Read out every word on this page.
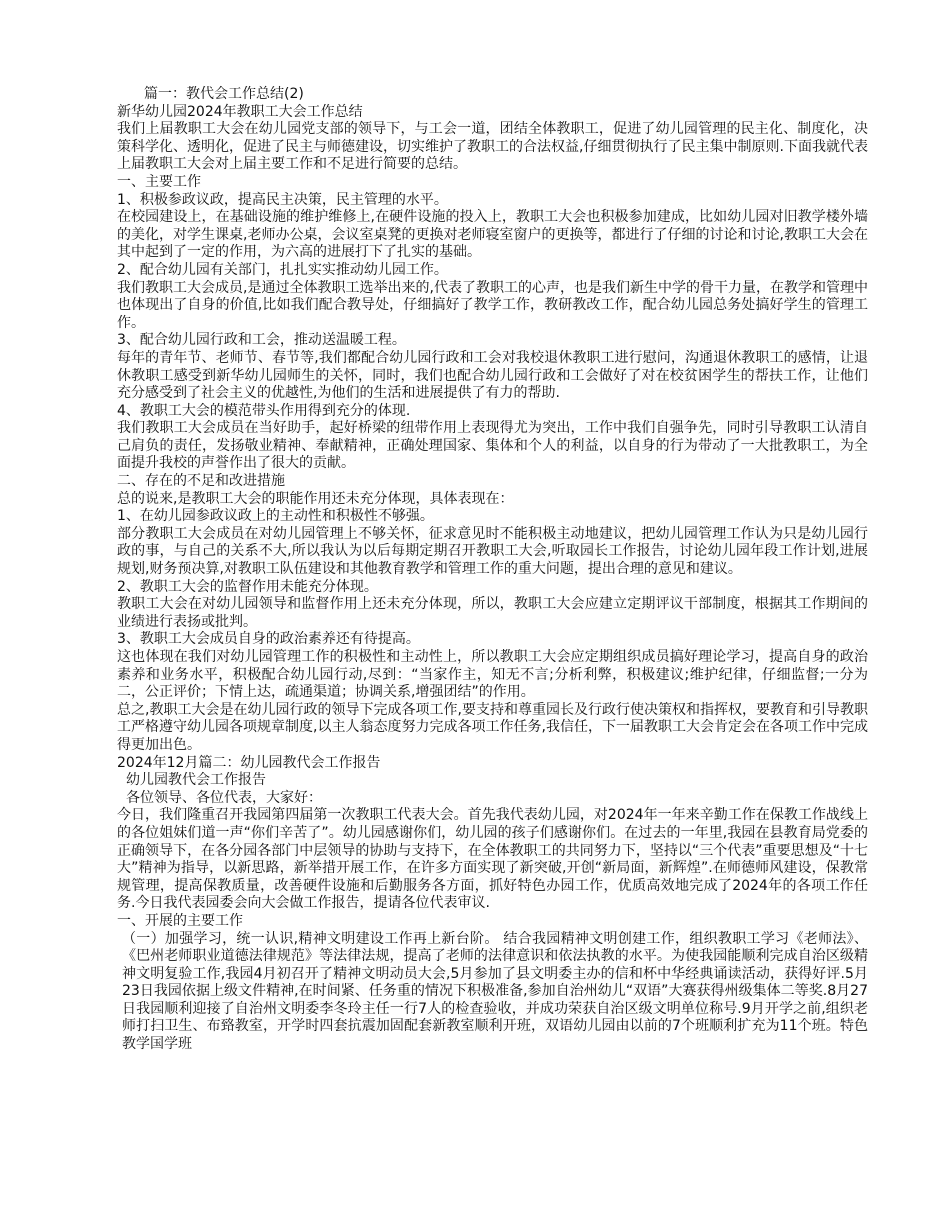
篇一：教代会工作总结(2)

新华幼儿园2024年教职工大会工作总结

我们上届教职工大会在幼儿园党支部的领导下，与工会一道，团结全体教职工，促进了幼儿园管理的民主化、制度化，决策科学化、透明化，促进了民主与师德建设，切实维护了教职工的合法权益,仔细贯彻执行了民主集中制原则.下面我就代表上届教职工大会对上届主要工作和不足进行简要的总结。

一、主要工作

1、积极参政议政，提高民主决策，民主管理的水平。

在校园建设上，在基础设施的维护维修上,在硬件设施的投入上，教职工大会也积极参加建成，比如幼儿园对旧教学楼外墙的美化，对学生课桌,老师办公桌，会议室桌凳的更换对老师寝室窗户的更换等，都进行了仔细的讨论和讨论,教职工大会在其中起到了一定的作用，为六高的进展打下了扎实的基础。

2、配合幼儿园有关部门，扎扎实实推动幼儿园工作。

我们教职工大会成员,是通过全体教职工选举出来的,代表了教职工的心声，也是我们新生中学的骨干力量，在教学和管理中也体现出了自身的价值,比如我们配合教导处，仔细搞好了教学工作，教研教改工作，配合幼儿园总务处搞好学生的管理工作。

3、配合幼儿园行政和工会，推动送温暖工程。

每年的青年节、老师节、春节等,我们都配合幼儿园行政和工会对我校退休教职工进行慰问，沟通退休教职工的感情，让退休教职工感受到新华幼儿园师生的关怀，同时，我们也配合幼儿园行政和工会做好了对在校贫困学生的帮扶工作，让他们充分感受到了社会主义的优越性,为他们的生活和进展提供了有力的帮助.

4、教职工大会的模范带头作用得到充分的体现.

我们教职工大会成员在当好助手，起好桥梁的纽带作用上表现得尤为突出，工作中我们自强争先，同时引导教职工认清自己肩负的责任，发扬敬业精神、奉献精神，正确处理国家、集体和个人的利益，以自身的行为带动了一大批教职工，为全面提升我校的声誉作出了很大的贡献。

二、存在的不足和改进措施

总的说来,是教职工大会的职能作用还未充分体现，具体表现在：

1、在幼儿园参政议政上的主动性和积极性不够强。

部分教职工大会成员在对幼儿园管理上不够关怀，征求意见时不能积极主动地建议，把幼儿园管理工作认为只是幼儿园行政的事，与自己的关系不大,所以我认为以后每期定期召开教职工大会,听取园长工作报告，讨论幼儿园年段工作计划,进展规划,财务预决算,对教职工队伍建设和其他教育教学和管理工作的重大问题，提出合理的意见和建议。

2、教职工大会的监督作用未能充分体现。

教职工大会在对幼儿园领导和监督作用上还未充分体现，所以，教职工大会应建立定期评议干部制度，根据其工作期间的业绩进行表扬或批判。

3、教职工大会成员自身的政治素养还有待提高。

这也体现在我们对幼儿园管理工作的积极性和主动性上，所以教职工大会应定期组织成员搞好理论学习，提高自身的政治素养和业务水平，积极配合幼儿园行动,尽到：“当家作主，知无不言;分析利弊，积极建议;维护纪律，仔细监督;一分为二，公正评价；下情上达，疏通渠道；协调关系,增强团结”的作用。

总之,教职工大会是在幼儿园行政的领导下完成各项工作,要支持和尊重园长及行政行使决策权和指挥权，要教育和引导教职工严格遵守幼儿园各项规章制度,以主人翁态度努力完成各项工作任务,我信任，下一届教职工大会肯定会在各项工作中完成得更加出色。

2024年12月篇二：幼儿园教代会工作报告

幼儿园教代会工作报告

各位领导、各位代表，大家好：

今日，我们隆重召开我园第四届第一次教职工代表大会。首先我代表幼儿园，对2024年一年来辛勤工作在保教工作战线上的各位姐妹们道一声“你们辛苦了”。幼儿园感谢你们，幼儿园的孩子们感谢你们。在过去的一年里,我园在县教育局党委的正确领导下，在各分园各部门中层领导的协助与支持下，在全体教职工的共同努力下，坚持以“三个代表”重要思想及“十七大”精神为指导，以新思路，新举措开展工作，在许多方面实现了新突破,开创“新局面，新辉煌”.在师德师风建设，保教常规管理，提高保教质量，改善硬件设施和后勤服务各方面，抓好特色办园工作，优质高效地完成了2024年的各项工作任务.今日我代表园委会向大会做工作报告，提请各位代表审议.

一、开展的主要工作

（一）加强学习，统一认识,精神文明建设工作再上新台阶。 结合我园精神文明创建工作，组织教职工学习《老师法》、《巴州老师职业道德法律规范》等法律法规，提高了老师的法律意识和依法执教的水平。为使我园能顺利完成自治区级精神文明复验工作,我园4月初召开了精神文明动员大会,5月参加了县文明委主办的信和杯中华经典诵读活动，获得好评.5月23日我园依据上级文件精神,在时间紧、任务重的情况下积极准备,参加自治州幼儿“双语”大赛获得州级集体二等奖.8月27日我园顺利迎接了自治州文明委李冬玲主任一行7人的检查验收，并成功荣获自治区级文明单位称号.9月开学之前,组织老师打扫卫生、布臵教室，开学时四套抗震加固配套新教室顺利开班，双语幼儿园由以前的7个班顺利扩充为11个班。特色教学国学班
